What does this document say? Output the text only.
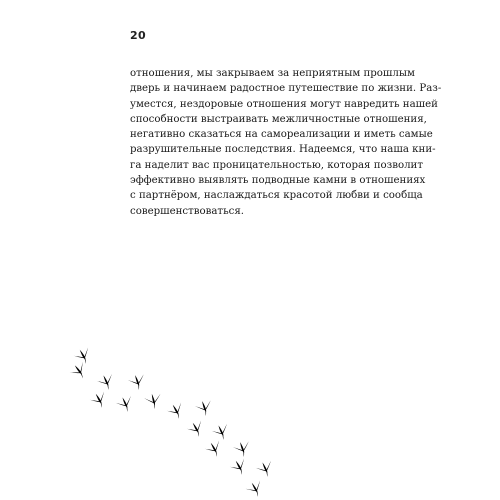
20
отношения, мы закрываем за неприятным прошлым
дверь и начинаем радостное путешествие по жизни. Раз-
уместся, нездоровые отношения могут навредить нашей
способности выстраивать межличностные отношения,
негативно сказаться на самореализации и иметь самые
разрушительные последствия. Надеемся, что наша кни-
га наделит вас проницательностью, которая позволит
эффективно выявлять подводные камни в отношениях
с партнёром, наслаждаться красотой любви и сообща
совершенствоваться.
